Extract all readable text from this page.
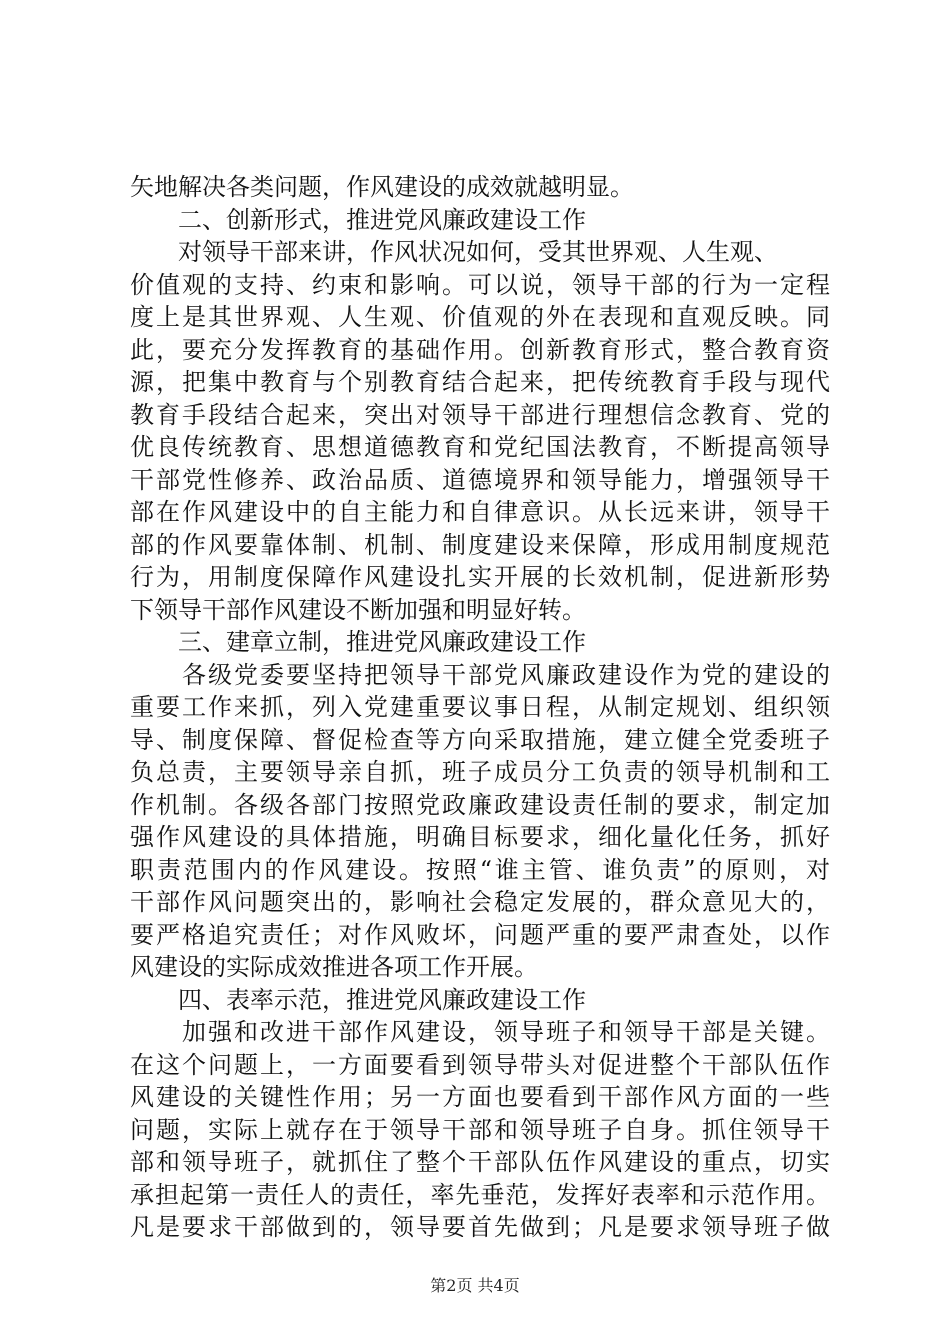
矢地解决各类问题，作风建设的成效就越明显。
　　二、创新形式，推进党风廉政建设工作
　　对领导干部来讲，作风状况如何，受其世界观、人生观、
价值观的支持、约束和影响。可以说，领导干部的行为一定程
度上是其世界观、人生观、价值观的外在表现和直观反映。同
此，要充分发挥教育的基础作用。创新教育形式，整合教育资
源，把集中教育与个别教育结合起来，把传统教育手段与现代
教育手段结合起来，突出对领导干部进行理想信念教育、党的
优良传统教育、思想道德教育和党纪国法教育，不断提高领导
干部党性修养、政治品质、道德境界和领导能力，增强领导干
部在作风建设中的自主能力和自律意识。从长远来讲，领导干
部的作风要靠体制、机制、制度建设来保障，形成用制度规范
行为，用制度保障作风建设扎实开展的长效机制，促进新形势
下领导干部作风建设不断加强和明显好转。
　　三、建章立制，推进党风廉政建设工作
　　各级党委要坚持把领导干部党风廉政建设作为党的建设的
重要工作来抓，列入党建重要议事日程，从制定规划、组织领
导、制度保障、督促检查等方向采取措施，建立健全党委班子
负总责，主要领导亲自抓，班子成员分工负责的领导机制和工
作机制。各级各部门按照党政廉政建设责任制的要求，制定加
强作风建设的具体措施，明确目标要求，细化量化任务，抓好
职责范围内的作风建设。按照“谁主管、谁负责”的原则，对
干部作风问题突出的，影响社会稳定发展的，群众意见大的，
要严格追究责任；对作风败坏，问题严重的要严肃查处，以作
风建设的实际成效推进各项工作开展。
　　四、表率示范，推进党风廉政建设工作
　　加强和改进干部作风建设，领导班子和领导干部是关键。
在这个问题上，一方面要看到领导带头对促进整个干部队伍作
风建设的关键性作用；另一方面也要看到干部作风方面的一些
问题，实际上就存在于领导干部和领导班子自身。抓住领导干
部和领导班子，就抓住了整个干部队伍作风建设的重点，切实
承担起第一责任人的责任，率先垂范，发挥好表率和示范作用。
凡是要求干部做到的，领导要首先做到；凡是要求领导班子做
第2页 共4页
